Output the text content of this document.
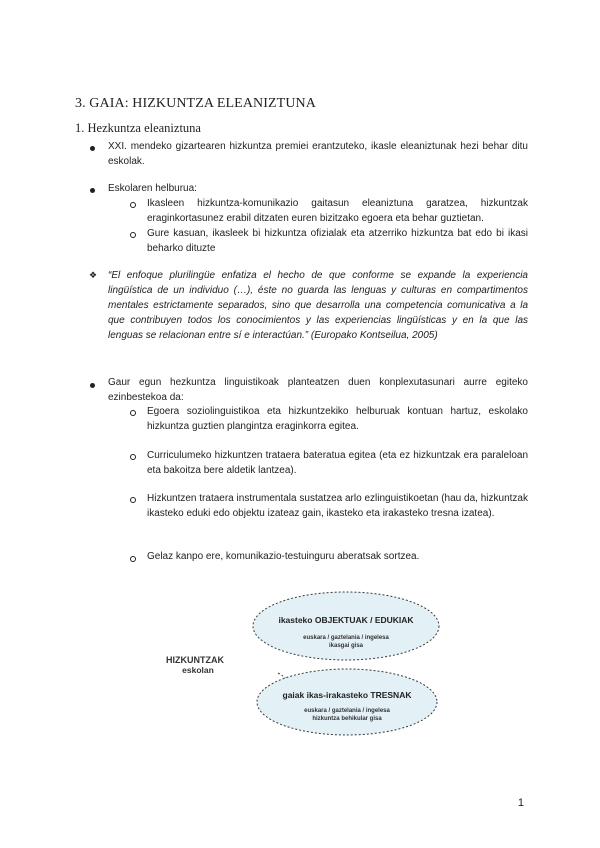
3. GAIA: HIZKUNTZA ELEANIZTUNA
1. Hezkuntza eleaniztuna
XXI. mendeko gizartearen hizkuntza premiei erantzuteko, ikasle eleaniztunak hezi behar ditu eskolak.
Eskolaren helburua:
Ikasleen hizkuntza-komunikazio gaitasun eleaniztuna garatzea, hizkuntzak eraginkortasunez erabil ditzaten euren bizitzako egoera eta behar guztietan.
Gure kasuan, ikasleek bi hizkuntza ofizialak eta atzerriko hizkuntza bat edo bi ikasi beharko dituzte
❖ “El enfoque plurilingüe enfatiza el hecho de que conforme se expande la experiencia lingüística de un individuo (…), éste no guarda las lenguas y culturas en compartimentos mentales estrictamente separados, sino que desarrolla una competencia comunicativa a la que contribuyen todos los conocimientos y las experiencias lingüísticas y en la que las lenguas se relacionan entre sí e interactúan.” (Europako Kontseilua, 2005)
Gaur egun hezkuntza linguistikoak planteatzen duen konplexutasunari aurre egiteko ezinbestekoa da:
Egoera soziolinguistikoa eta hizkuntzekiko helburuak kontuan hartuz, eskolako hizkuntza guztien plangintza eraginkorra egitea.
Curriculumeko hizkuntzen trataera bateratua egitea (eta ez hizkuntzak era paraleloan eta bakoitza bere aldetik lantzea).
Hizkuntzen trataera instrumentala sustatzea arlo ezlinguistikoetan (hau da, hizkuntzak ikasteko eduki edo objektu izateaz gain, ikasteko eta irakasteko tresna izatea).
Gelaz kanpo ere, komunikazio-testuinguru aberatsak sortzea.
HIZKUNTZAK
eskolan
ikasteko OBJEKTUAK / EDUKIAK
euskara / gaztelania / ingelesa
ikasgai gisa
gaiak ikas-irakasteko TRESNAK
euskara / gaztelania / ingelesa
hizkuntza behikular gisa
1
